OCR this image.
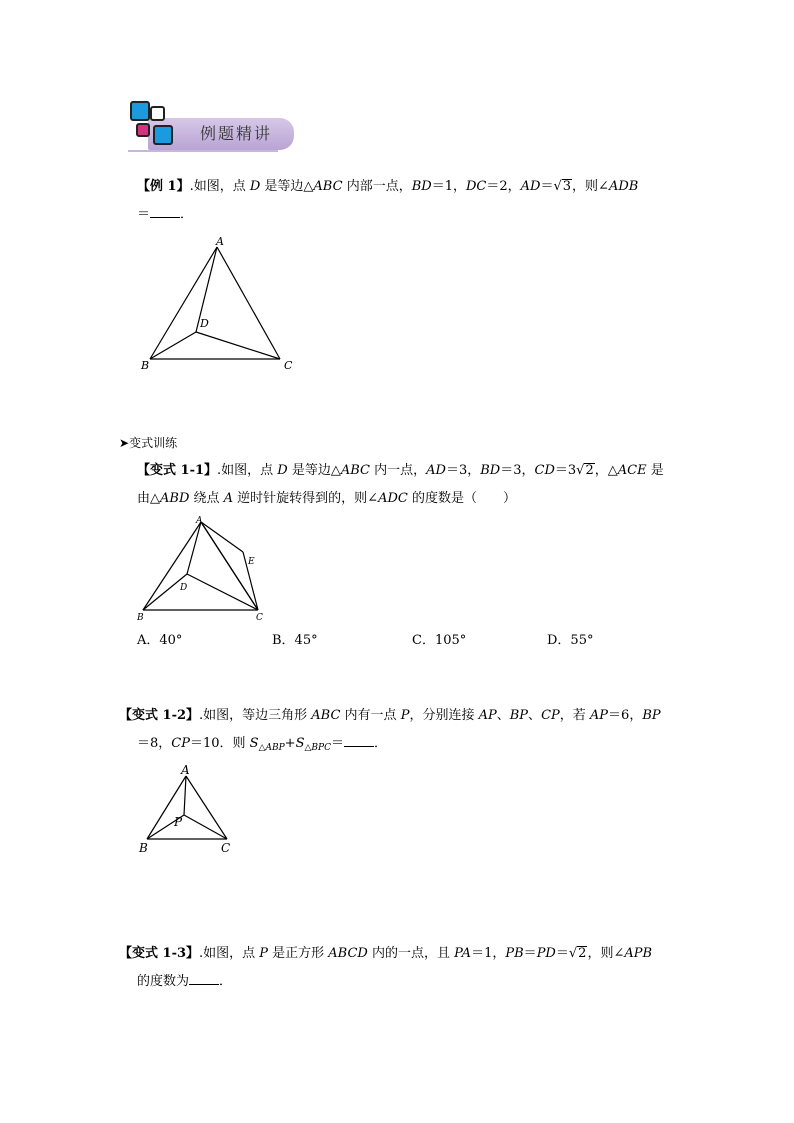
例题精讲
【例 1】.如图，点 D 是等边△ABC 内部一点，BD＝1，DC＝2，AD＝√3，则∠ADB
＝ ．
A
B	C
D
➤变式训练
【变式 1-1】.如图，点 D 是等边△ABC 内一点，AD＝3，BD＝3，CD＝3√2，△ACE 是
由△ABD 绕点 A 逆时针旋转得到的，则∠ADC 的度数是（　　）
A
B	C
D
E
A．40°	B．45°	C．105°	D．55°
【变式 1-2】.如图，等边三角形 ABC 内有一点 P，分别连接 AP、BP、CP，若 AP＝6，BP
＝8，CP＝10．则 $S_{\triangle ABP}+S_{\triangle BPC}=$ ．
A
B	C
P
【变式 1-3】.如图，点 P 是正方形 ABCD 内的一点，且 PA＝1，PB＝PD＝√2，则∠APB
的度数为 ．
